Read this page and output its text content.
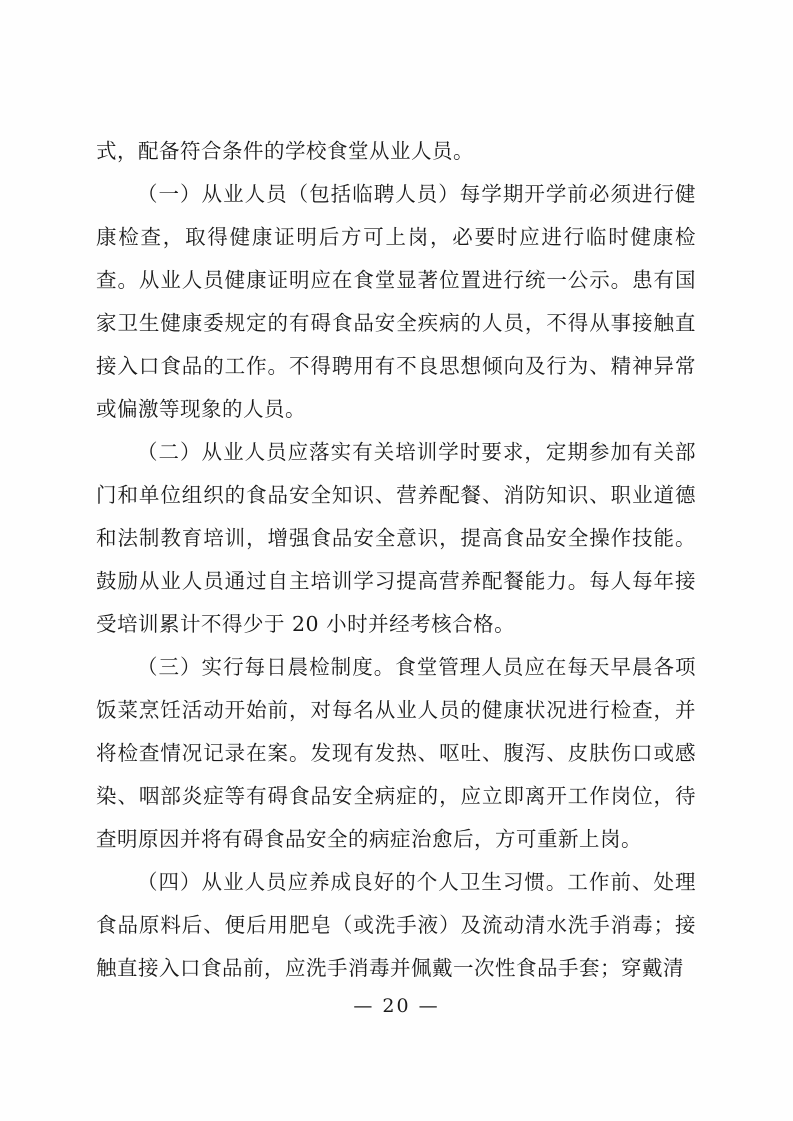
式，配备符合条件的学校食堂从业人员。

（一）从业人员（包括临聘人员）每学期开学前必须进行健康检查，取得健康证明后方可上岗，必要时应进行临时健康检查。从业人员健康证明应在食堂显著位置进行统一公示。患有国家卫生健康委规定的有碍食品安全疾病的人员，不得从事接触直接入口食品的工作。不得聘用有不良思想倾向及行为、精神异常或偏激等现象的人员。

（二）从业人员应落实有关培训学时要求，定期参加有关部门和单位组织的食品安全知识、营养配餐、消防知识、职业道德和法制教育培训，增强食品安全意识，提高食品安全操作技能。鼓励从业人员通过自主培训学习提高营养配餐能力。每人每年接受培训累计不得少于 20 小时并经考核合格。

（三）实行每日晨检制度。食堂管理人员应在每天早晨各项饭菜烹饪活动开始前，对每名从业人员的健康状况进行检查，并将检查情况记录在案。发现有发热、呕吐、腹泻、皮肤伤口或感染、咽部炎症等有碍食品安全病症的，应立即离开工作岗位，待查明原因并将有碍食品安全的病症治愈后，方可重新上岗。

（四）从业人员应养成良好的个人卫生习惯。工作前、处理食品原料后、便后用肥皂（或洗手液）及流动清水洗手消毒；接触直接入口食品前，应洗手消毒并佩戴一次性食品手套；穿戴清

— 20 —
